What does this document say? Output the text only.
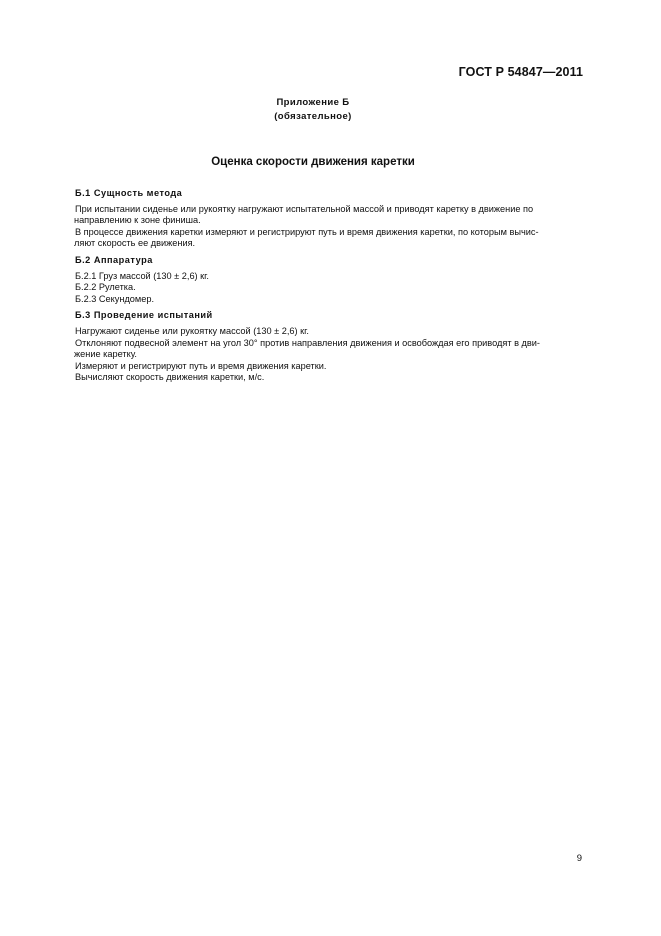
ГОСТ Р 54847—2011
Приложение Б
(обязательное)
Оценка скорости движения каретки
Б.1 Сущность метода
При испытании сиденье или рукоятку нагружают испытательной массой и приводят каретку в движение по
направлению к зоне финиша.
В процессе движения каретки измеряют и регистрируют путь и время движения каретки, по которым вычис-
ляют скорость ее движения.
Б.2 Аппаратура
Б.2.1 Груз массой (130 ± 2,6) кг.
Б.2.2 Рулетка.
Б.2.3 Секундомер.
Б.3 Проведение испытаний
Нагружают сиденье или рукоятку массой (130 ± 2,6) кг.
Отклоняют подвесной элемент на угол 30° против направления движения и освобождая его приводят в дви-
жение каретку.
Измеряют и регистрируют путь и время движения каретки.
Вычисляют скорость движения каретки, м/с.
9
